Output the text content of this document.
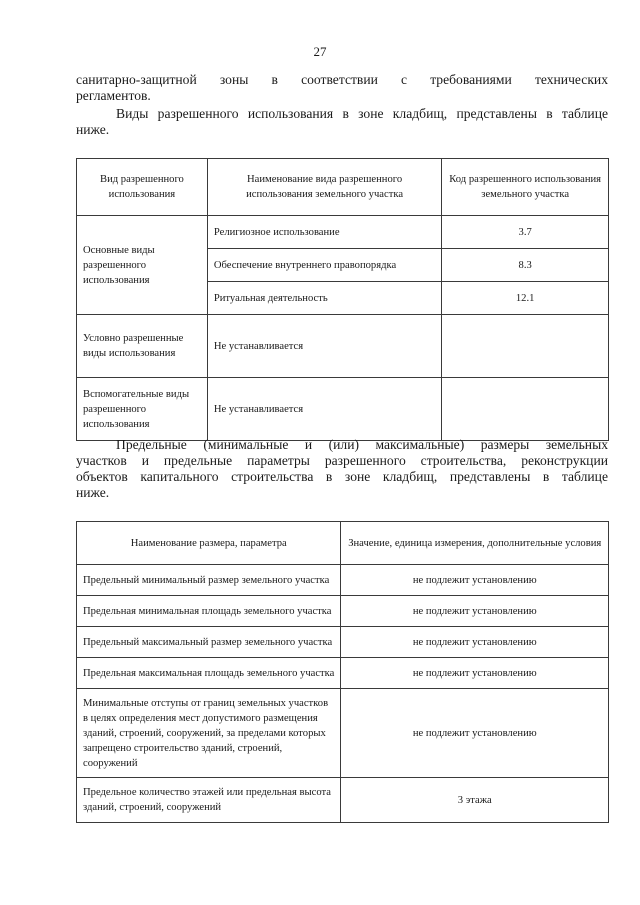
27

санитарно-защитной зоны в соответствии с требованиями технических

регламентов.

Виды разрешенного использования в зоне кладбищ, представлены в таблице

ниже.

Вид разрешенного использования	Наименование вида разрешенного использования земельного участка	Код разрешенного использования земельного участка
Основные виды разрешенного использования	Религиозное использование	3.7
	Обеспечение внутреннего правопорядка	8.3
	Ритуальная деятельность	12.1
Условно разрешенные виды использования	Не устанавливается	
Вспомогательные виды разрешенного использования	Не устанавливается	

Предельные (минимальные и (или) максимальные) размеры земельных

участков и предельные параметры разрешенного строительства, реконструкции

объектов капитального строительства в зоне кладбищ, представлены в таблице

ниже.

Наименование размера, параметра	Значение, единица измерения, дополнительные условия
Предельный минимальный размер земельного участка	не подлежит установлению
Предельная минимальная площадь земельного участка	не подлежит установлению
Предельный максимальный размер земельного участка	не подлежит установлению
Предельная максимальная площадь земельного участка	не подлежит установлению
Минимальные отступы от границ земельных участков в целях определения мест допустимого размещения зданий, строений, сооружений, за пределами которых запрещено строительство зданий, строений, сооружений	не подлежит установлению
Предельное количество этажей или предельная высота зданий, строений, сооружений	3 этажа
